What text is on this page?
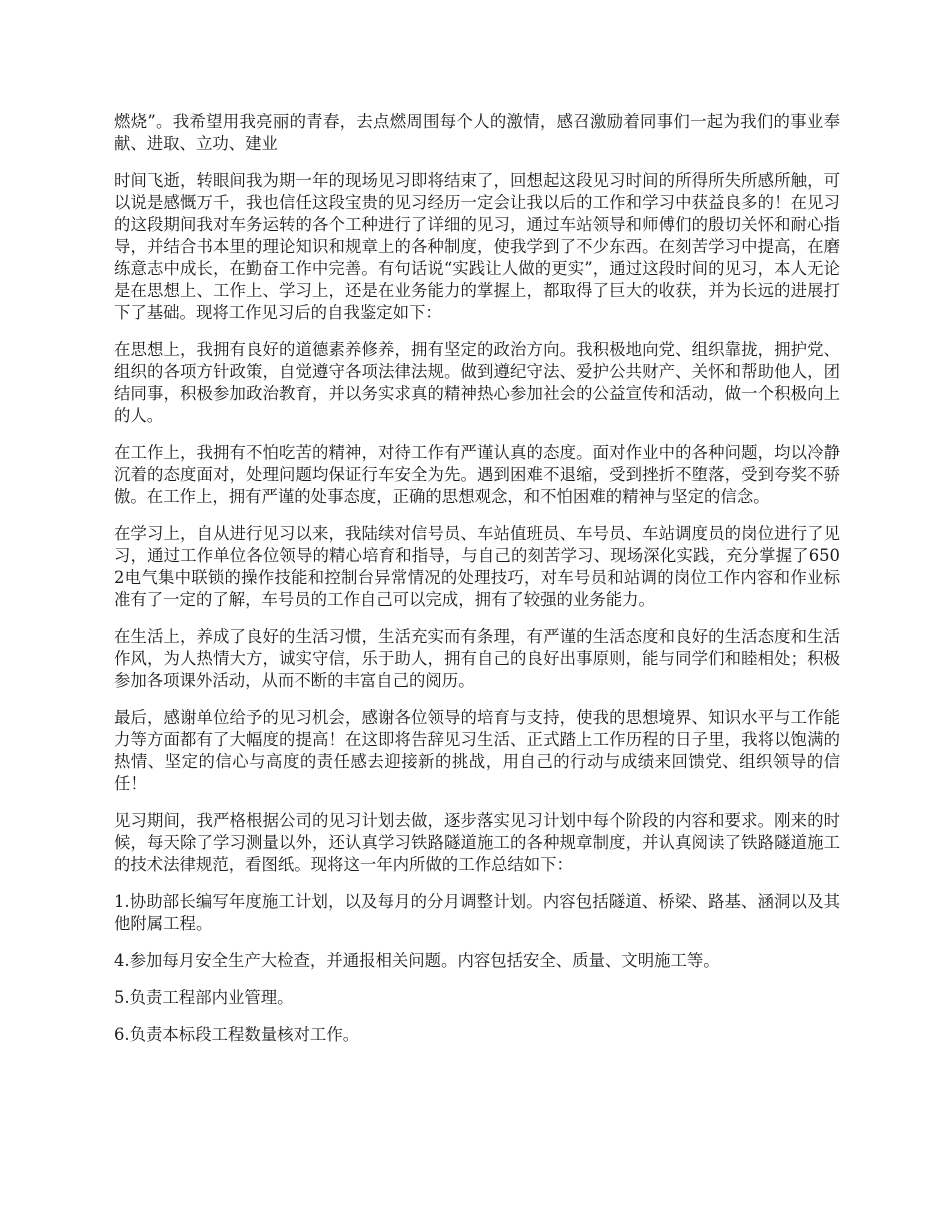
燃烧”。我希望用我亮丽的青春，去点燃周围每个人的激情，感召激励着同事们一起为我们的事业奉献、进取、立功、建业

时间飞逝，转眼间我为期一年的现场见习即将结束了，回想起这段见习时间的所得所失所感所触，可以说是感慨万千，我也信任这段宝贵的见习经历一定会让我以后的工作和学习中获益良多的！在见习的这段期间我对车务运转的各个工种进行了详细的见习，通过车站领导和师傅们的殷切关怀和耐心指导，并结合书本里的理论知识和规章上的各种制度，使我学到了不少东西。在刻苦学习中提高，在磨练意志中成长，在勤奋工作中完善。有句话说“实践让人做的更实”，通过这段时间的见习，本人无论是在思想上、工作上、学习上，还是在业务能力的掌握上，都取得了巨大的收获，并为长远的进展打下了基础。现将工作见习后的自我鉴定如下：

在思想上，我拥有良好的道德素养修养，拥有坚定的政治方向。我积极地向党、组织靠拢，拥护党、组织的各项方针政策，自觉遵守各项法律法规。做到遵纪守法、爱护公共财产、关怀和帮助他人，团结同事，积极参加政治教育，并以务实求真的精神热心参加社会的公益宣传和活动，做一个积极向上的人。

在工作上，我拥有不怕吃苦的精神，对待工作有严谨认真的态度。面对作业中的各种问题，均以冷静沉着的态度面对，处理问题均保证行车安全为先。遇到困难不退缩，受到挫折不堕落，受到夸奖不骄傲。在工作上，拥有严谨的处事态度，正确的思想观念，和不怕困难的精神与坚定的信念。

在学习上，自从进行见习以来，我陆续对信号员、车站值班员、车号员、车站调度员的岗位进行了见习，通过工作单位各位领导的精心培育和指导，与自己的刻苦学习、现场深化实践，充分掌握了6502电气集中联锁的操作技能和控制台异常情况的处理技巧，对车号员和站调的岗位工作内容和作业标准有了一定的了解，车号员的工作自己可以完成，拥有了较强的业务能力。

在生活上，养成了良好的生活习惯，生活充实而有条理，有严谨的生活态度和良好的生活态度和生活作风，为人热情大方，诚实守信，乐于助人，拥有自己的良好出事原则，能与同学们和睦相处；积极参加各项课外活动，从而不断的丰富自己的阅历。

最后，感谢单位给予的见习机会，感谢各位领导的培育与支持，使我的思想境界、知识水平与工作能力等方面都有了大幅度的提高！在这即将告辞见习生活、正式踏上工作历程的日子里，我将以饱满的热情、坚定的信心与高度的责任感去迎接新的挑战，用自己的行动与成绩来回馈党、组织领导的信任！

见习期间，我严格根据公司的见习计划去做，逐步落实见习计划中每个阶段的内容和要求。刚来的时候，每天除了学习测量以外，还认真学习铁路隧道施工的各种规章制度，并认真阅读了铁路隧道施工的技术法律规范，看图纸。现将这一年内所做的工作总结如下：

1.协助部长编写年度施工计划，以及每月的分月调整计划。内容包括隧道、桥梁、路基、涵洞以及其他附属工程。

4.参加每月安全生产大检查，并通报相关问题。内容包括安全、质量、文明施工等。

5.负责工程部内业管理。

6.负责本标段工程数量核对工作。
